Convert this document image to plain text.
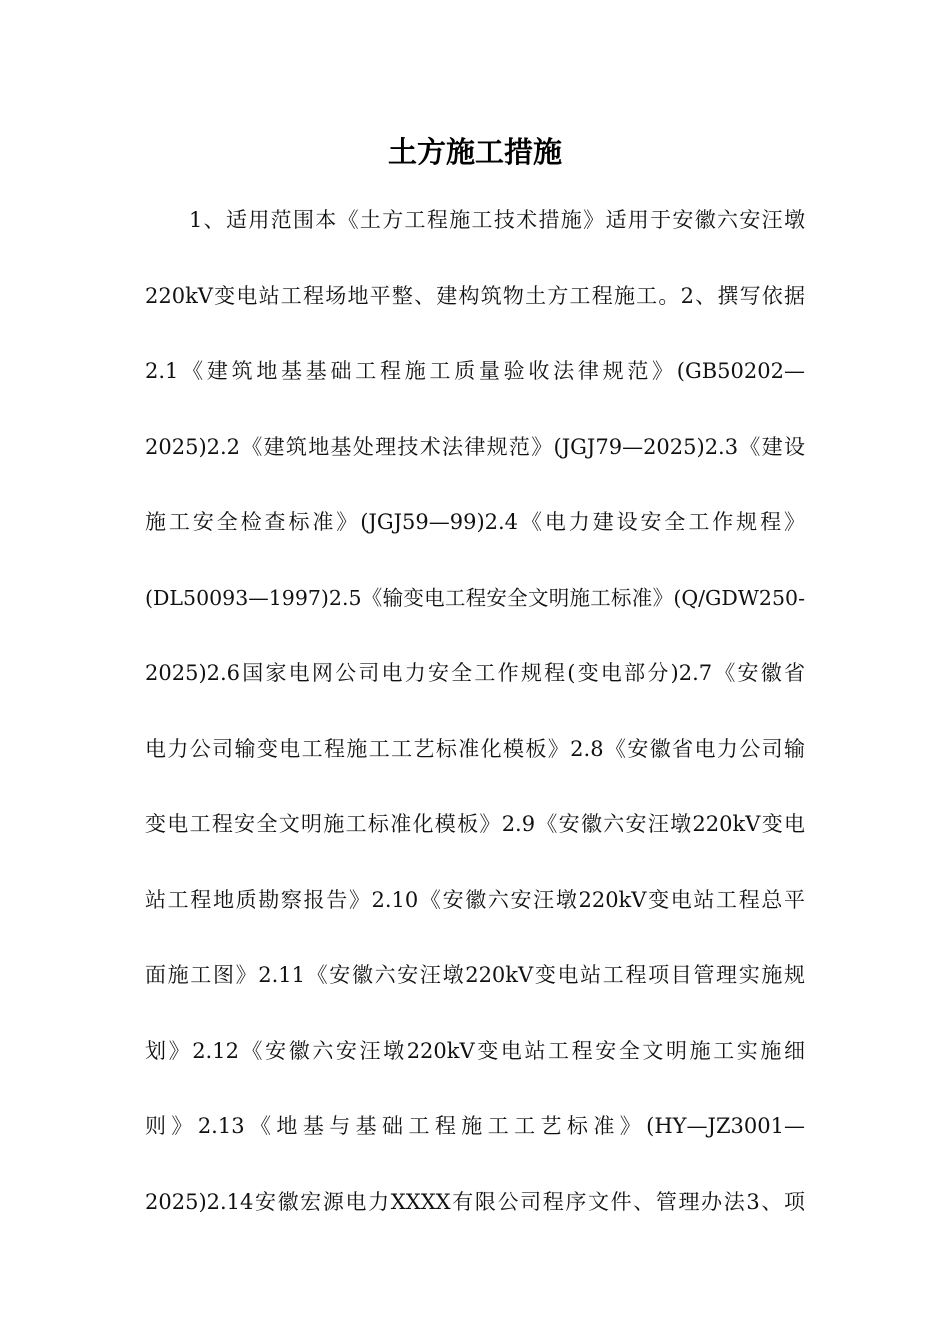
土方施工措施
1、适用范围本《土方工程施工技术措施》适用于安徽六安汪墩
220kV变电站工程场地平整、建构筑物土方工程施工。2、撰写依据
2.1《建筑地基基础工程施工质量验收法律规范》(GB50202—
2025)2.2《建筑地基处理技术法律规范》(JGJ79—2025)2.3《建设
施工安全检查标准》(JGJ59—99)2.4《电力建设安全工作规程》
(DL50093—1997)2.5《输变电工程安全文明施工标准》(Q/GDW250-
2025)2.6国家电网公司电力安全工作规程(变电部分)2.7《安徽省
电力公司输变电工程施工工艺标准化模板》2.8《安徽省电力公司输
变电工程安全文明施工标准化模板》2.9《安徽六安汪墩220kV变电
站工程地质勘察报告》2.10《安徽六安汪墩220kV变电站工程总平
面施工图》2.11《安徽六安汪墩220kV变电站工程项目管理实施规
划》2.12《安徽六安汪墩220kV变电站工程安全文明施工实施细
则》2.13《地基与基础工程施工工艺标准》(HY—JZ3001—
2025)2.14安徽宏源电力XXXX有限公司程序文件、管理办法3、项
